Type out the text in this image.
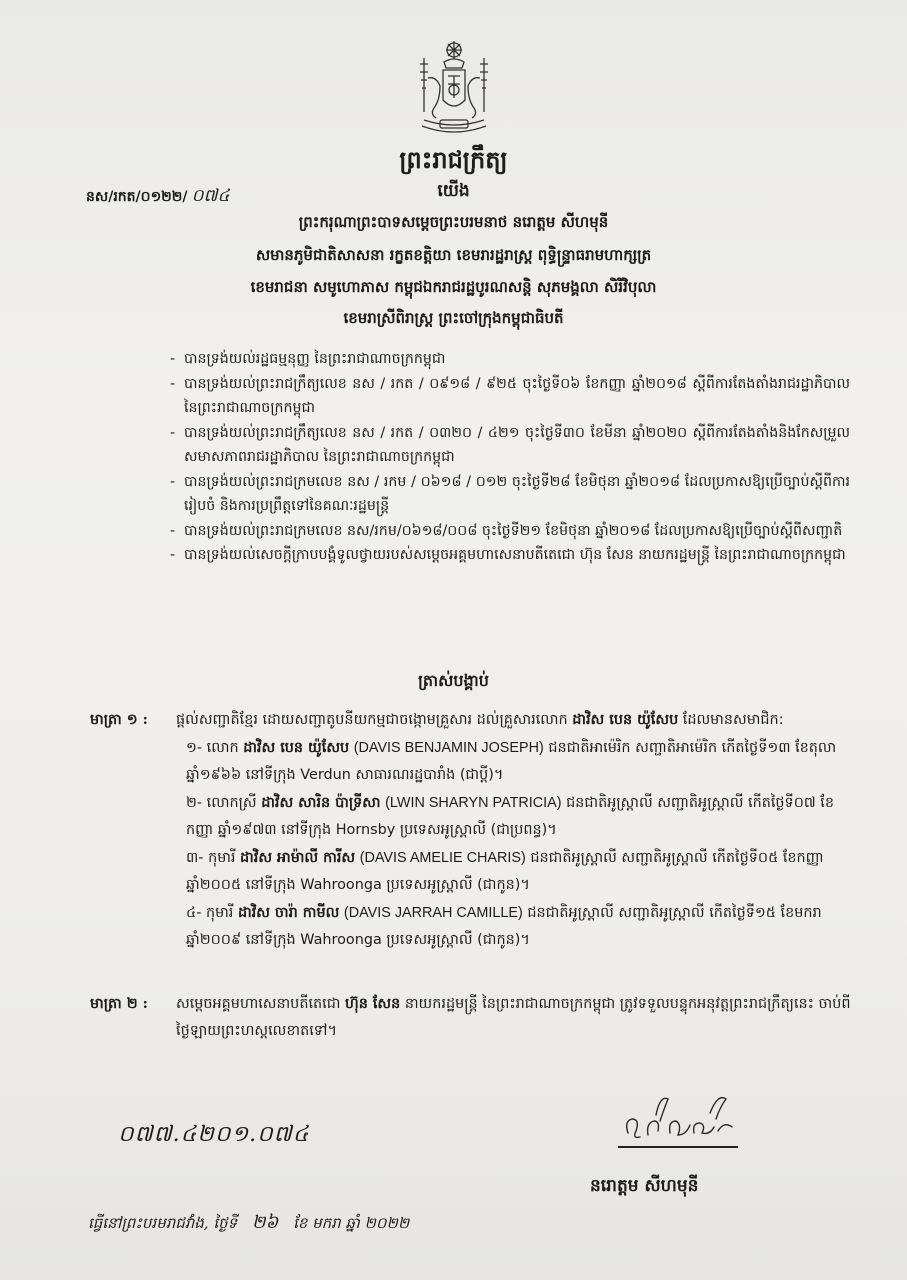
ព្រះរាជក្រឹត្យ
នស/រកត/០១២២/ ០៧៤	យើង
ព្រះករុណាព្រះបាទសម្តេចព្រះបរមនាថ នរោត្តម សីហមុនី
សមានភូមិជាតិសាសនា រក្ខតខត្តិយា ខេមរារដ្ឋរាស្ត្រ ពុទ្ធិន្ទ្រាធរាមហាក្សត្រ
ខេមរាជនា សមូហោភាស កម្ពុជឯករាជរដ្ឋបូរណសន្តិ សុភមង្គលា សិរីវិបុលា
ខេមរាស្រីពិរាស្ត្រ ព្រះចៅក្រុងកម្ពុជាធិបតី
- បានទ្រង់យល់រដ្ឋធម្មនុញ្ញ នៃព្រះរាជាណាចក្រកម្ពុជា
- បានទ្រង់យល់ព្រះរាជក្រឹត្យលេខ នស / រកត / ០៩១៨ / ៩២៥ ចុះថ្ងៃទី០៦ ខែកញ្ញា ឆ្នាំ២០១៨ ស្តីពីការតែងតាំងរាជរដ្ឋាភិបាល នៃព្រះរាជាណាចក្រកម្ពុជា
- បានទ្រង់យល់ព្រះរាជក្រឹត្យលេខ នស / រកត / ០៣២០ / ៤២១ ចុះថ្ងៃទី៣០ ខែមីនា ឆ្នាំ២០២០ ស្តីពីការតែងតាំងនិងកែសម្រួលសមាសភាពរាជរដ្ឋាភិបាល នៃព្រះរាជាណាចក្រកម្ពុជា
- បានទ្រង់យល់ព្រះរាជក្រមលេខ នស / រកម / ០៦១៨ / ០១២ ចុះថ្ងៃទី២៨ ខែមិថុនា ឆ្នាំ២០១៨ ដែលប្រកាសឱ្យប្រើច្បាប់ស្តីពីការរៀបចំ និងការប្រព្រឹត្តទៅនៃគណៈរដ្ឋមន្ត្រី
- បានទ្រង់យល់ព្រះរាជក្រមលេខ នស/រកម/០៦១៨/០០៨ ចុះថ្ងៃទី២១ ខែមិថុនា ឆ្នាំ២០១៨ ដែលប្រកាសឱ្យប្រើច្បាប់ស្តីពីសញ្ជាតិ
- បានទ្រង់យល់សេចក្តីក្រាបបង្គំទូលថ្វាយរបស់សម្តេចអគ្គមហាសេនាបតីតេជោ ហ៊ុន សែន នាយករដ្ឋមន្ត្រី នៃព្រះរាជាណាចក្រកម្ពុជា
ត្រាស់បង្គាប់
មាត្រា ១ : ផ្តល់សញ្ជាតិខ្មែរ ដោយសញ្ជាតូបនីយកម្មជាចង្កោមគ្រួសារ ដល់គ្រួសារលោក ដាវិស បេន យ៉ូសែប ដែលមានសមាជិក:
១- លោក ដាវិស បេន យ៉ូសែប (DAVIS BENJAMIN JOSEPH) ជនជាតិអាម៉េរិក សញ្ជាតិអាម៉េរិក កើតថ្ងៃទី១៣ ខែតុលា ឆ្នាំ១៩៦៦ នៅទីក្រុង Verdun សាធារណរដ្ឋបារាំង (ជាប្តី)។
២- លោកស្រី ដាវិស សារិន ប៉ាទ្រីសា (LWIN SHARYN PATRICIA) ជនជាតិអូស្ត្រាលី សញ្ជាតិអូស្ត្រាលី កើតថ្ងៃទី០៧ ខែកញ្ញា ឆ្នាំ១៩៧៣ នៅទីក្រុង Hornsby ប្រទេសអូស្ត្រាលី (ជាប្រពន្ធ)។
៣- កុមារី ដាវិស អាម៉ាលី ការីស (DAVIS AMELIE CHARIS) ជនជាតិអូស្ត្រាលី សញ្ជាតិអូស្ត្រាលី កើតថ្ងៃទី០៥ ខែកញ្ញា ឆ្នាំ២០០៥ នៅទីក្រុង Wahroonga ប្រទេសអូស្ត្រាលី (ជាកូន)។
៤- កុមារី ដាវិស ចារ៉ា កាមីល (DAVIS JARRAH CAMILLE) ជនជាតិអូស្ត្រាលី សញ្ជាតិអូស្ត្រាលី កើតថ្ងៃទី១៥ ខែមករា ឆ្នាំ២០០៩ នៅទីក្រុង Wahroonga ប្រទេសអូស្ត្រាលី (ជាកូន)។
មាត្រា ២ : សម្តេចអគ្គមហាសេនាបតីតេជោ ហ៊ុន សែន នាយករដ្ឋមន្ត្រី នៃព្រះរាជាណាចក្រកម្ពុជា ត្រូវទទួលបន្ទុកអនុវត្តព្រះរាជក្រឹត្យនេះ ចាប់ពីថ្ងៃឡាយព្រះហស្តលេខាតទៅ។
០៧៧.៤២០១.០៧៤
នរោត្តម សីហមុនី
ធ្វើនៅព្រះបរមរាជវាំង, ថ្ងៃទី ២៦ ខែ មករា ឆ្នាំ ២០២២
